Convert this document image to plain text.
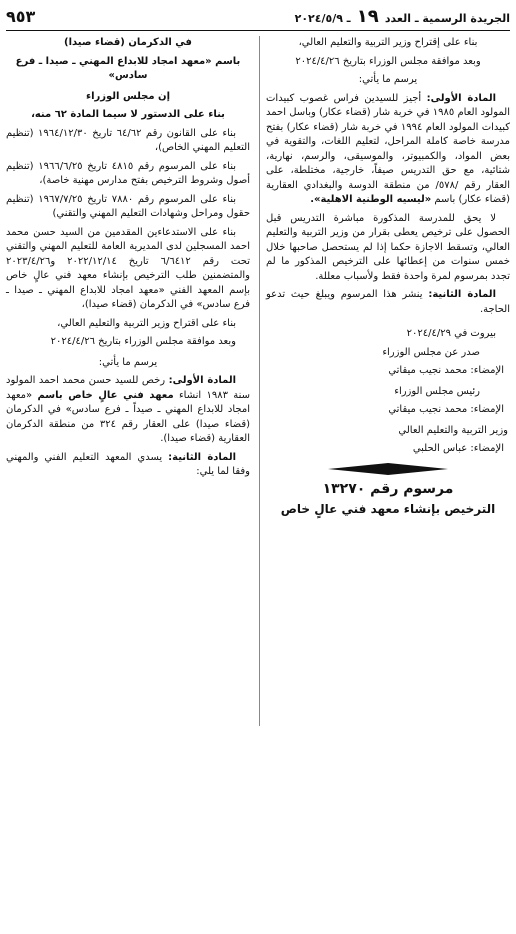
الجريدة الرسمية ـ العدد ١٩ ـ ٢٠٢٤/٥/٩
٩٥٣

بناء على إقتراح وزير التربية والتعليم العالي،

وبعد موافقة مجلس الوزراء بتاريخ ٢٠٢٤/٤/٢٦

يرسم ما يأتي:

المادة الأولى: أجيز للسيدين فراس غصوب كبيدات المولود العام ١٩٨٥ في خربة شار (قضاء عكار) وباسل احمد كبيدات المولود العام ١٩٩٤ في خربة شار (قضاء عكار) بفتح مدرسة خاصة كاملة المراحل، لتعليم اللغات، والتقوية في بعض المواد، والكمبيوتر، والموسيقى، والرسم، نهارية، شتائية، مع حق التدريس صيفاً، خارجية، مختلطة، على العقار رقم /٥٧٨/ من منطقة الدوسة والبغدادي العقارية (قضاء عكار) باسم «ليسيه الوطنية الاهلية».

لا يحق للمدرسة المذكورة مباشرة التدريس قبل الحصول على ترخيص يعطى بقرار من وزير التربية والتعليم العالي، وتسقط الاجازة حكما إذا لم يستحصل صاحبها خلال خمس سنوات من إعطائها على الترخيص المذكور ما لم تجدد بمرسوم لمرة واحدة فقط ولأسباب معللة.

المادة الثانية: ينشر هذا المرسوم ويبلغ حيث تدعو الحاجة.

بيروت في ٢٠٢٤/٤/٢٩

صدر عن مجلس الوزراء

الإمضاء: محمد نجيب ميقاتي

رئيس مجلس الوزراء

الإمضاء: محمد نجيب ميقاتي

وزير التربية والتعليم العالي

الإمضاء: عباس الحلبي

مرسوم رقم ١٣٢٧٠

الترخيص بإنشاء معهد فني عالٍ خاص

في الدكرمان (قضاء صيدا)

باسم «معهد امجاد للابداع المهني ـ صيدا ـ فرع سادس»

إن مجلس الوزراء

بناء على الدستور لا سيما المادة ٦٢ منه،

بناء على القانون رقم ٦٤/٦٢ تاريخ ١٩٦٤/١٢/٣٠ (تنظيم التعليم المهني الخاص)،

بناء على المرسوم رقم ٤٨١٥ تاريخ ١٩٦٦/٦/٢٥ (تنظيم أصول وشروط الترخيص بفتح مدارس مهنية خاصة)،

بناء على المرسوم رقم ٧٨٨٠ تاريخ ١٩٦٧/٧/٢٥ (تنظيم حقول ومراحل وشهادات التعليم المهني والتقني)

بناء على الاستدعاءين المقدمين من السيد حسن محمد احمد المسجلين لدى المديرية العامة للتعليم المهني والتقني تحت رقم ٦/٦٤١٢ تاريخ ٢٠٢٢/١٢/١٤ و٢٠٢٣/٤/٢٦ والمتضمنين طلب الترخيص بإنشاء معهد فني عالٍ خاص بإسم المعهد الفني «معهد امجاد للابداع المهني ـ صيدا ـ فرع سادس» في الدكرمان (قضاء صيدا)،

بناء على اقتراح وزير التربية والتعليم العالي،

وبعد موافقة مجلس الوزراء بتاريخ ٢٠٢٤/٤/٢٦

يرسم ما يأتي:

المادة الأولى: رخص للسيد حسن محمد احمد المولود سنة ١٩٨٣ انشاء معهد فني عالٍ خاص باسم «معهد امجاد للابداع المهني ـ صيداً ـ فرع سادس» في الدكرمان (قضاء صيدا) على العقار رقم ٣٢٤ من منطقة الدكرمان العقارية (قضاء صيدا).

المادة الثانية: يسدي المعهد التعليم الفني والمهني وفقا لما يلي:
